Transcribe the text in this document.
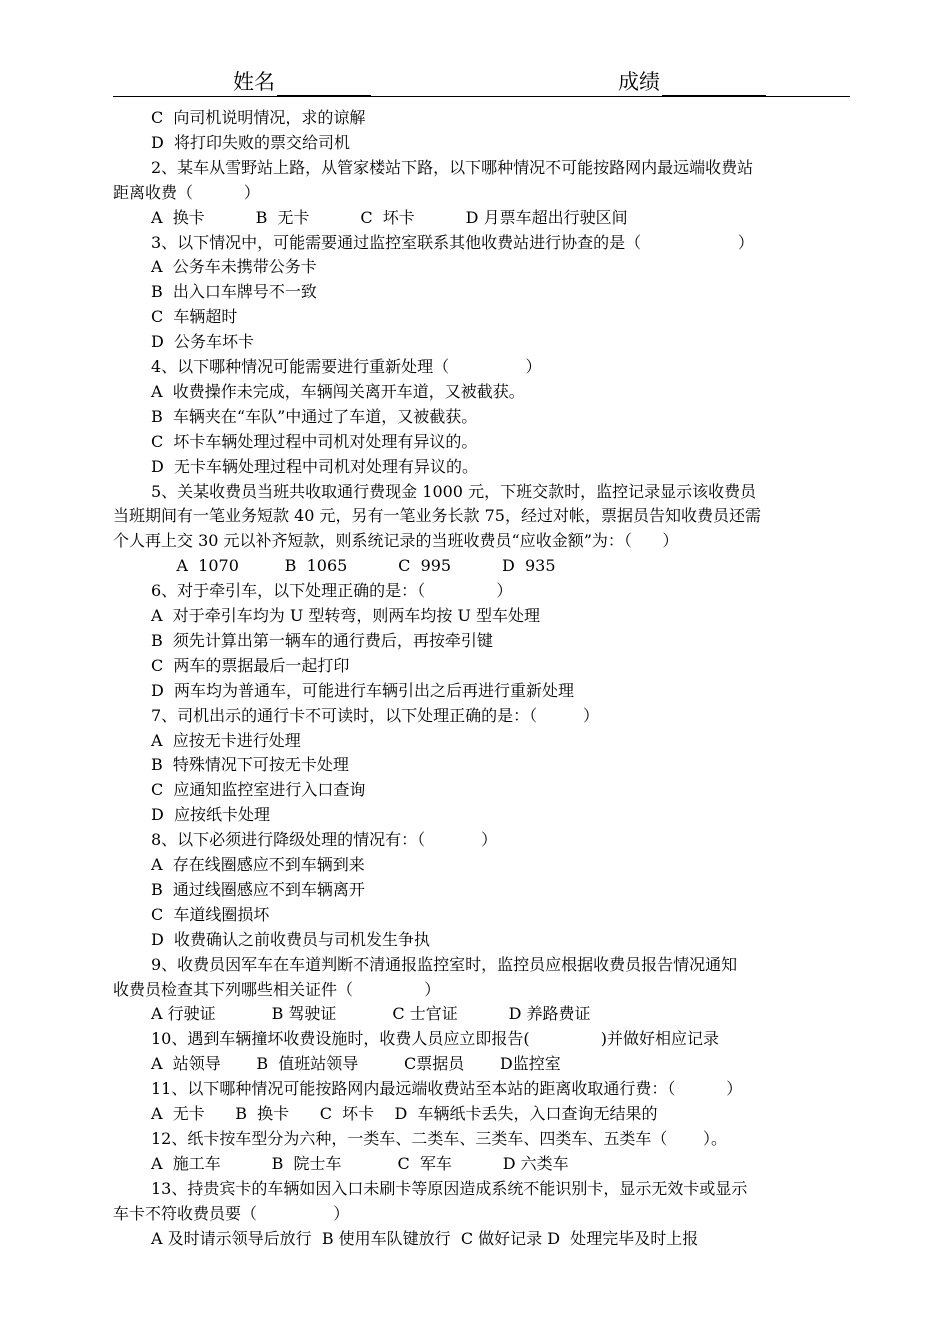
姓名	成绩
C  向司机说明情况，求的谅解
D  将打印失败的票交给司机
2、某车从雪野站上路，从管家楼站下路，以下哪种情况不可能按路网内最远端收费站
距离收费（          ）
A  换卡          B  无卡          C  坏卡          D 月票车超出行驶区间
3、以下情况中，可能需要通过监控室联系其他收费站进行协查的是（                   ）
A  公务车未携带公务卡
B  出入口车牌号不一致
C  车辆超时
D  公务车坏卡
4、以下哪种情况可能需要进行重新处理（               ）
A  收费操作未完成，车辆闯关离开车道，又被截获。
B  车辆夹在“车队”中通过了车道，又被截获。
C  坏卡车辆处理过程中司机对处理有异议的。
D  无卡车辆处理过程中司机对处理有异议的。
5、关某收费员当班共收取通行费现金 1000 元，下班交款时，监控记录显示该收费员
当班期间有一笔业务短款 40 元，另有一笔业务长款 75，经过对帐，票据员告知收费员还需
个人再上交 30 元以补齐短款，则系统记录的当班收费员“应收金额”为：（      ）
A  1070         B  1065          C  995          D  935
6、对于牵引车，以下处理正确的是：（              ）
A  对于牵引车均为 U 型转弯，则两车均按 U 型车处理
B  须先计算出第一辆车的通行费后，再按牵引键
C  两车的票据最后一起打印
D  两车均为普通车，可能进行车辆引出之后再进行重新处理
7、司机出示的通行卡不可读时，以下处理正确的是：（         ）
A  应按无卡进行处理
B  特殊情况下可按无卡处理
C  应通知监控室进行入口查询
D  应按纸卡处理
8、以下必须进行降级处理的情况有：（           ）
A  存在线圈感应不到车辆到来
B  通过线圈感应不到车辆离开
C  车道线圈损坏
D  收费确认之前收费员与司机发生争执
9、收费员因军车在车道判断不清通报监控室时，监控员应根据收费员报告情况通知
收费员检查其下列哪些相关证件（              ）
A 行驶证           B 驾驶证           C 士官证          D 养路费证
10、遇到车辆撞坏收费设施时，收费人员应立即报告(              )并做好相应记录
A  站领导       B  值班站领导         C票据员       D监控室
11、以下哪种情况可能按路网内最远端收费站至本站的距离收取通行费：（          ）
A  无卡      B  换卡      C  坏卡    D  车辆纸卡丢失，入口查询无结果的
12、纸卡按车型分为六种，一类车、二类车、三类车、四类车、五类车（       ）。
A  施工车          B  院士车           C  军车          D 六类车
13、持贵宾卡的车辆如因入口未刷卡等原因造成系统不能识别卡，显示无效卡或显示
车卡不符收费员要（               ）
A 及时请示领导后放行  B 使用车队键放行  C 做好记录 D  处理完毕及时上报
